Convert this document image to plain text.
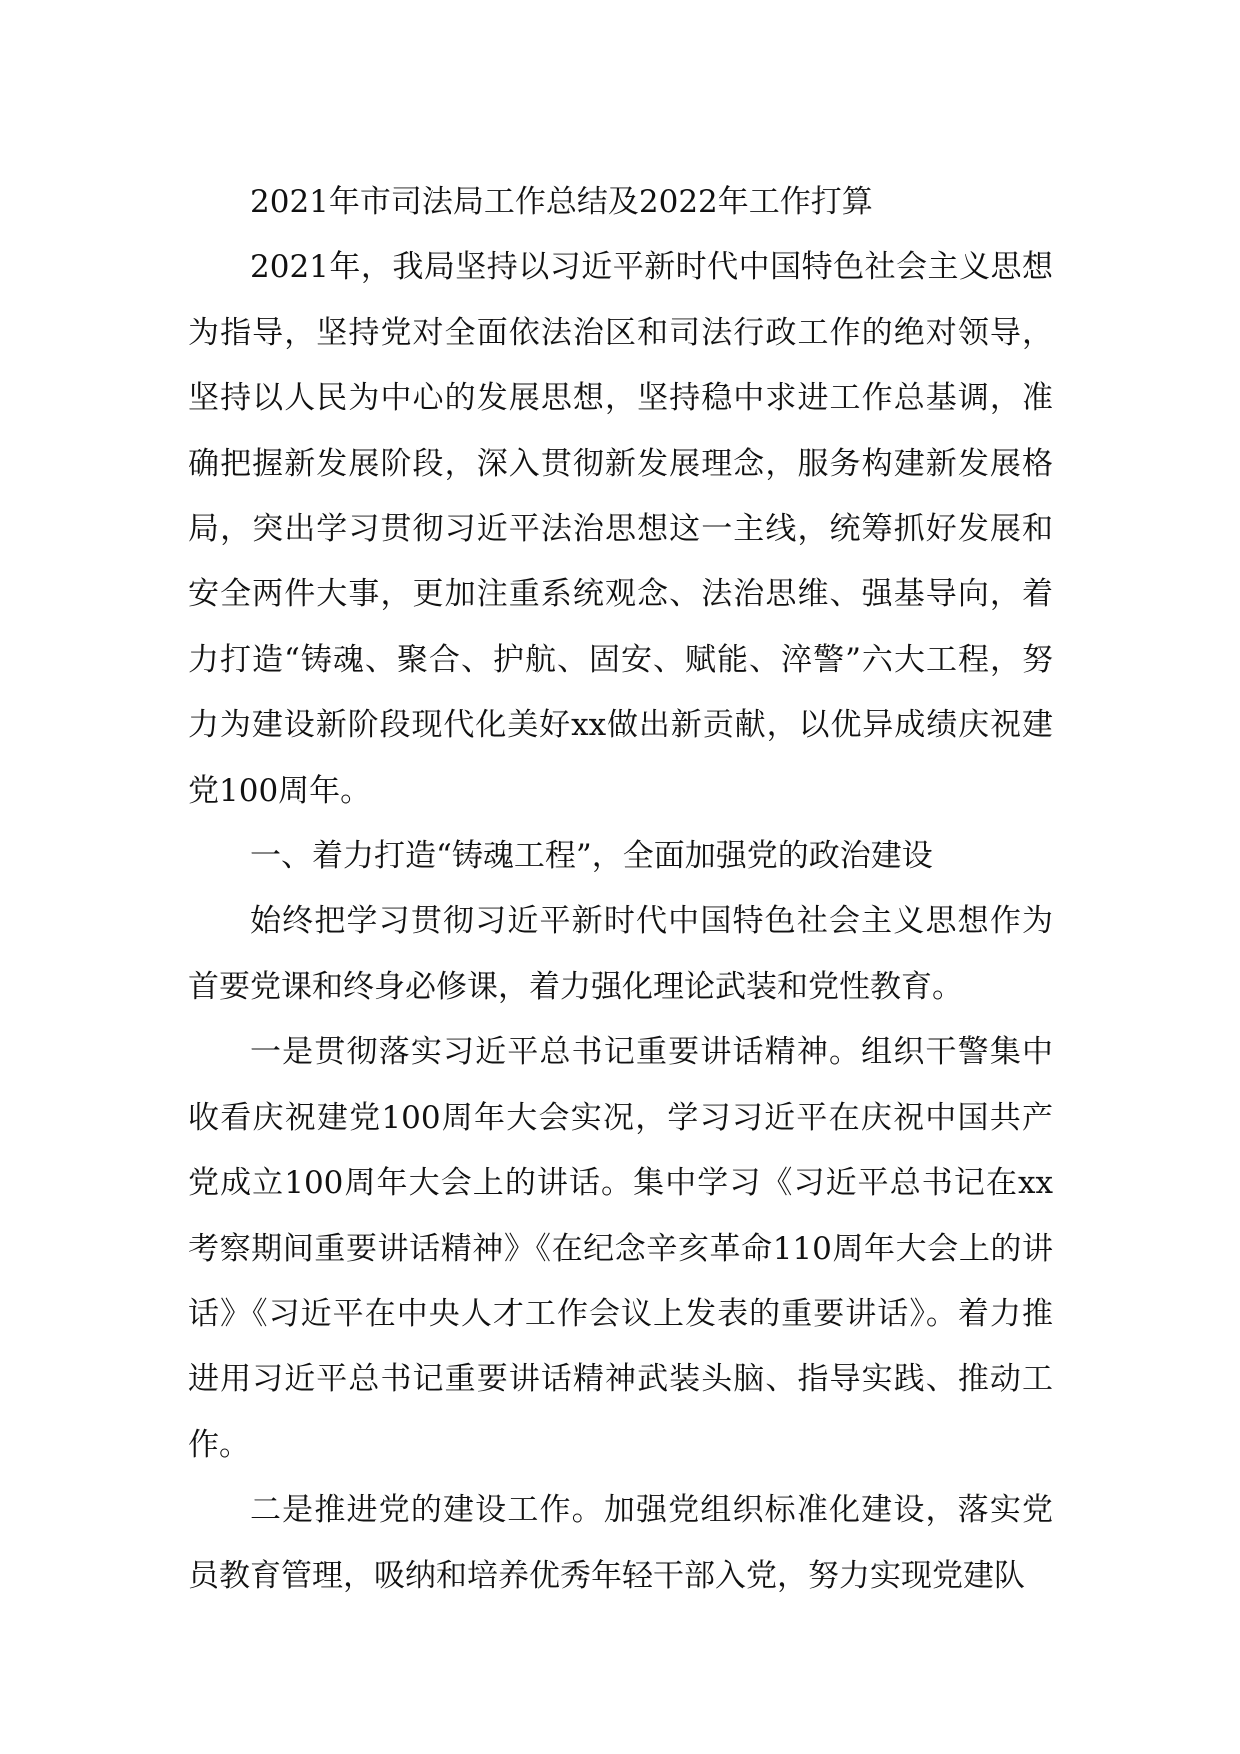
2021年市司法局工作总结及2022年工作打算

2021年，我局坚持以习近平新时代中国特色社会主义思想为指导，坚持党对全面依法治区和司法行政工作的绝对领导，坚持以人民为中心的发展思想，坚持稳中求进工作总基调，准确把握新发展阶段，深入贯彻新发展理念，服务构建新发展格局，突出学习贯彻习近平法治思想这一主线，统筹抓好发展和安全两件大事，更加注重系统观念、法治思维、强基导向，着力打造“铸魂、聚合、护航、固安、赋能、淬警”六大工程，努力为建设新阶段现代化美好xx做出新贡献，以优异成绩庆祝建党100周年。

一、着力打造“铸魂工程”，全面加强党的政治建设

始终把学习贯彻习近平新时代中国特色社会主义思想作为首要党课和终身必修课，着力强化理论武装和党性教育。

一是贯彻落实习近平总书记重要讲话精神。组织干警集中收看庆祝建党100周年大会实况，学习习近平在庆祝中国共产党成立100周年大会上的讲话。集中学习《习近平总书记在xx考察期间重要讲话精神》《在纪念辛亥革命110周年大会上的讲话》《习近平在中央人才工作会议上发表的重要讲话》。着力推进用习近平总书记重要讲话精神武装头脑、指导实践、推动工作。

二是推进党的建设工作。加强党组织标准化建设，落实党员教育管理，吸纳和培养优秀年轻干部入党，努力实现党建队
